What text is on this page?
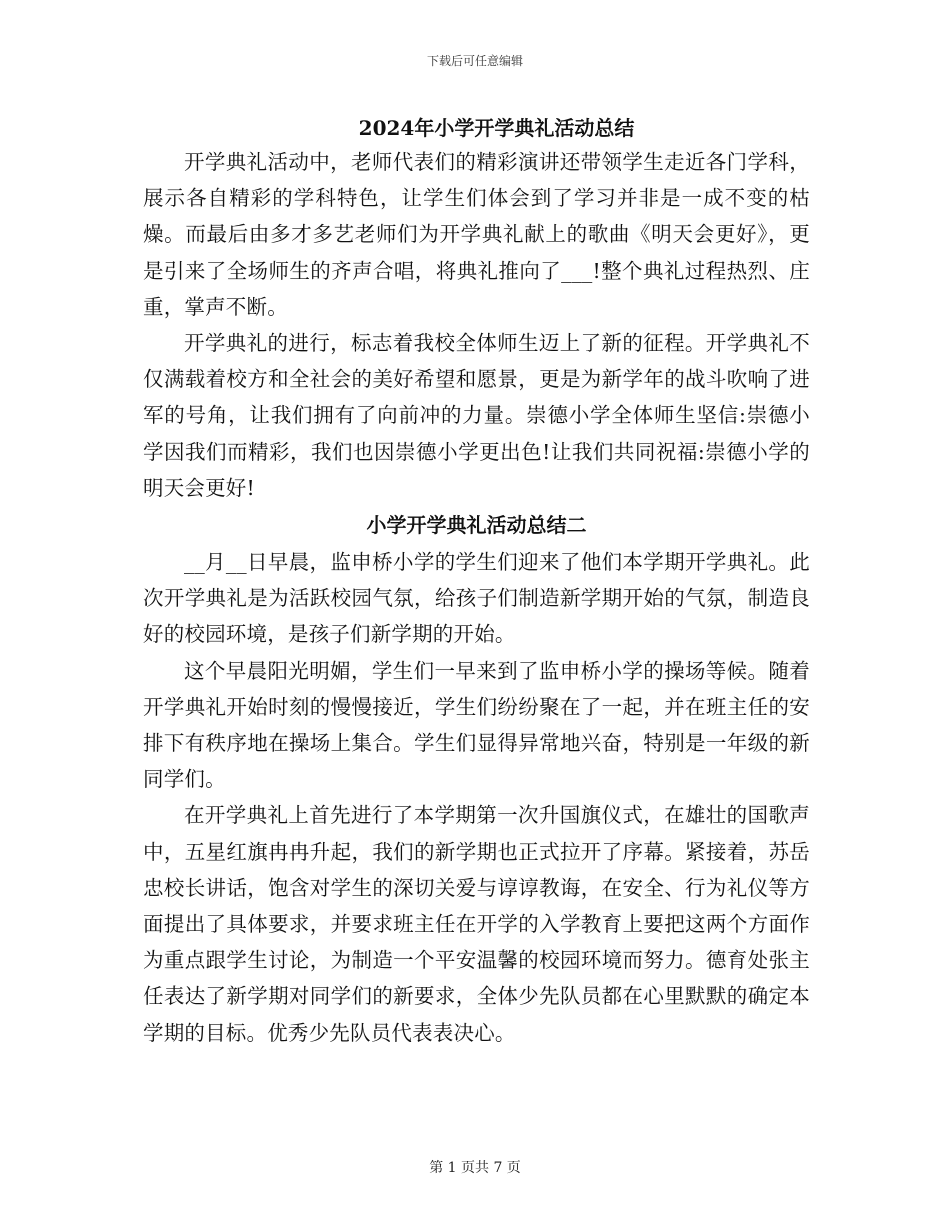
下载后可任意编辑
2024年小学开学典礼活动总结

开学典礼活动中，老师代表们的精彩演讲还带领学生走近各门学科，展示各自精彩的学科特色，让学生们体会到了学习并非是一成不变的枯燥。而最后由多才多艺老师们为开学典礼献上的歌曲《明天会更好》，更是引来了全场师生的齐声合唱，将典礼推向了___!整个典礼过程热烈、庄重，掌声不断。

开学典礼的进行，标志着我校全体师生迈上了新的征程。开学典礼不仅满载着校方和全社会的美好希望和愿景，更是为新学年的战斗吹响了进军的号角，让我们拥有了向前冲的力量。崇德小学全体师生坚信:崇德小学因我们而精彩，我们也因崇德小学更出色!让我们共同祝福:崇德小学的明天会更好!

小学开学典礼活动总结二

__月__日早晨，监申桥小学的学生们迎来了他们本学期开学典礼。此次开学典礼是为活跃校园气氛，给孩子们制造新学期开始的气氛，制造良好的校园环境，是孩子们新学期的开始。

这个早晨阳光明媚，学生们一早来到了监申桥小学的操场等候。随着开学典礼开始时刻的慢慢接近，学生们纷纷聚在了一起，并在班主任的安排下有秩序地在操场上集合。学生们显得异常地兴奋，特别是一年级的新同学们。

在开学典礼上首先进行了本学期第一次升国旗仪式，在雄壮的国歌声中，五星红旗冉冉升起，我们的新学期也正式拉开了序幕。紧接着，苏岳忠校长讲话，饱含对学生的深切关爱与谆谆教诲，在安全、行为礼仪等方面提出了具体要求，并要求班主任在开学的入学教育上要把这两个方面作为重点跟学生讨论，为制造一个平安温馨的校园环境而努力。德育处张主任表达了新学期对同学们的新要求，全体少先队员都在心里默默的确定本学期的目标。优秀少先队员代表表决心。

第 1 页共 7 页
